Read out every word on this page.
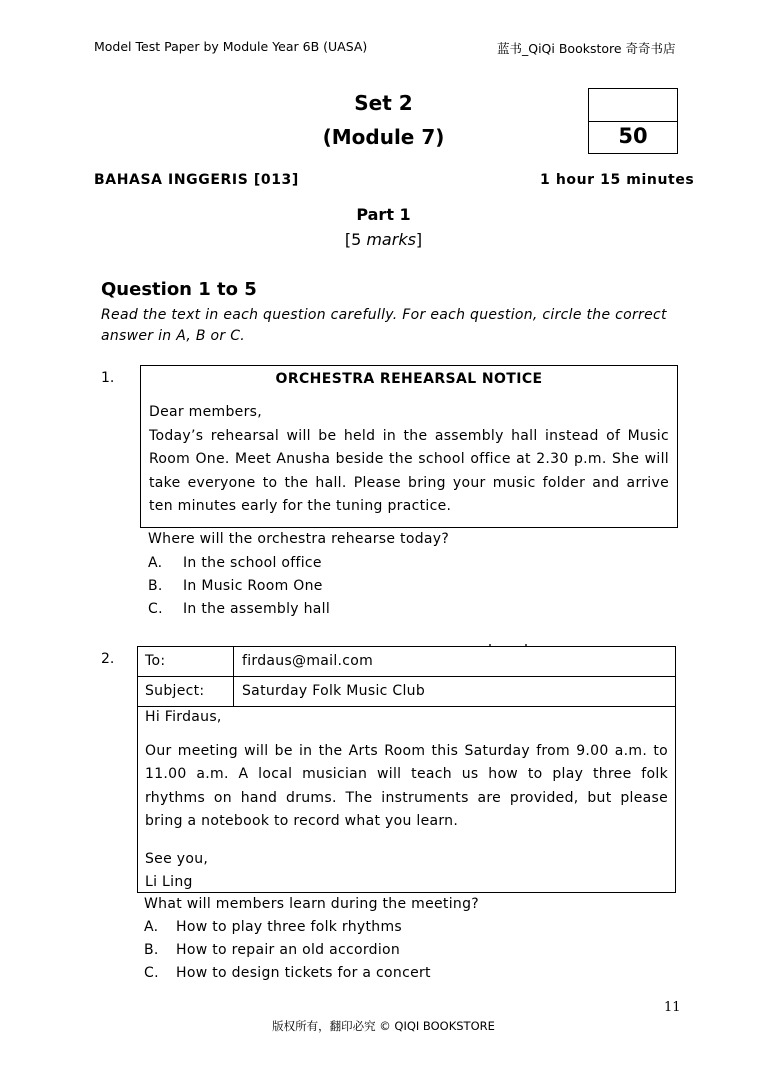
Model Test Paper by Module Year 6B (UASA)	蓝书_QiQi Bookstore 奇奇书店
Set 2
(Module 7)	50
BAHASA INGGERIS [013]	1 hour 15 minutes
Part 1
[5 marks]
Question 1 to 5
Read the text in each question carefully. For each question, circle the correct answer in A, B or C.
1.	ORCHESTRA REHEARSAL NOTICE
Dear members,
Today’s rehearsal will be held in the assembly hall instead of Music Room One. Meet Anusha beside the school office at 2.30 p.m. She will take everyone to the hall. Please bring your music folder and arrive ten minutes early for the tuning practice.
Where will the orchestra rehearse today?
A. In the school office
B. In Music Room One
C. In the assembly hall
2. To:	firdaus@mail.com
Subject:	Saturday Folk Music Club
Hi Firdaus,
Our meeting will be in the Arts Room this Saturday from 9.00 a.m. to 11.00 a.m. A local musician will teach us how to play three folk rhythms on hand drums. The instruments are provided, but please bring a notebook to record what you learn.
See you,
Li Ling
What will members learn during the meeting?
A. How to play three folk rhythms
B. How to repair an old accordion
C. How to design tickets for a concert
11
版权所有，翻印必究 © QIQI BOOKSTORE
